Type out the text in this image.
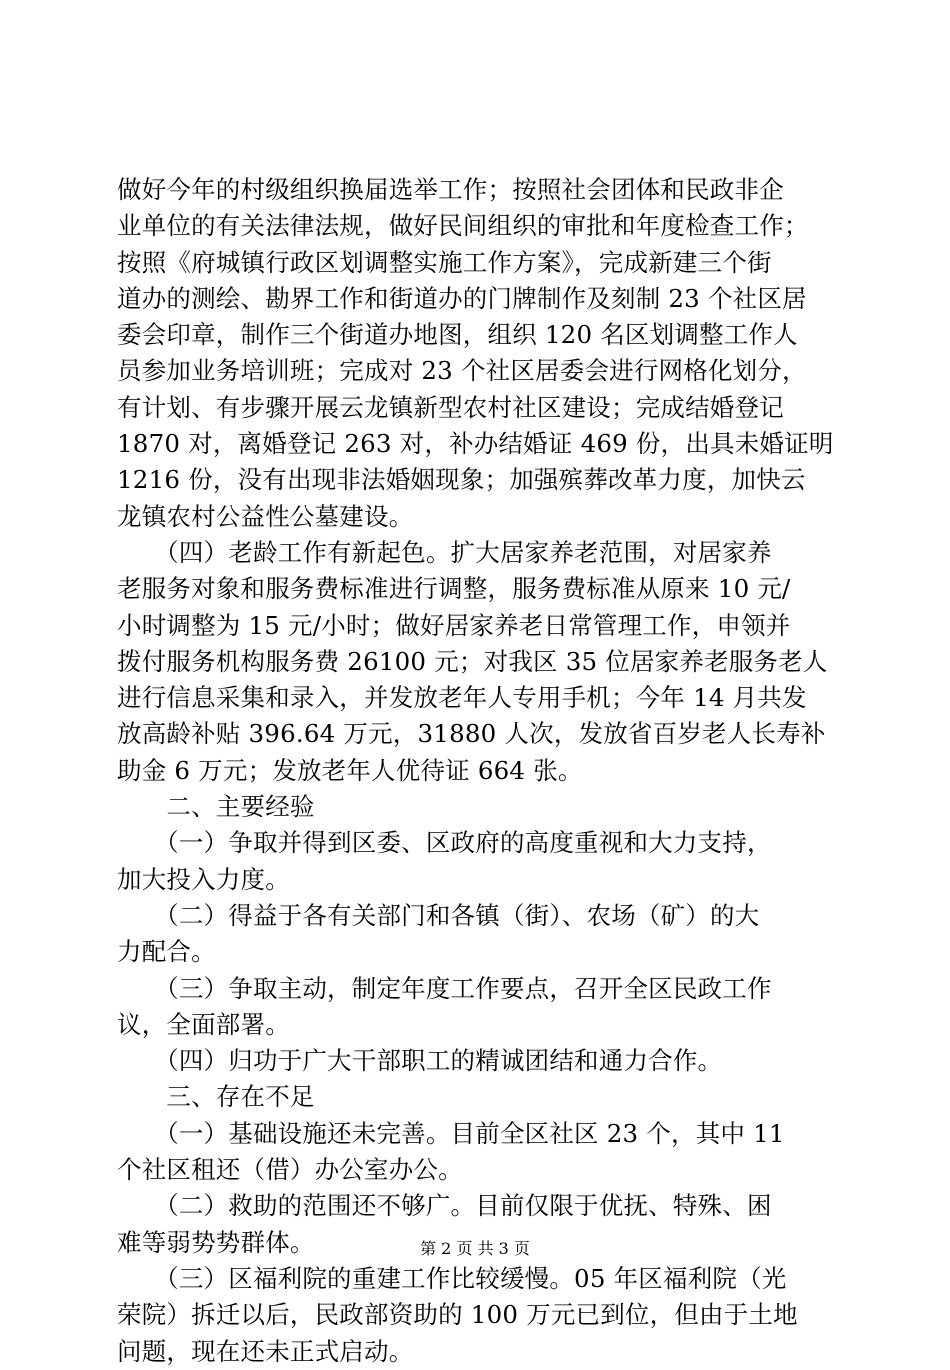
做好今年的村级组织换届选举工作；按照社会团体和民政非企
业单位的有关法律法规，做好民间组织的审批和年度检查工作；
按照《府城镇行政区划调整实施工作方案》，完成新建三个街
道办的测绘、勘界工作和街道办的门牌制作及刻制 23 个社区居
委会印章，制作三个街道办地图，组织 120 名区划调整工作人
员参加业务培训班；完成对 23 个社区居委会进行网格化划分，
有计划、有步骤开展云龙镇新型农村社区建设；完成结婚登记
1870 对，离婚登记 263 对，补办结婚证 469 份，出具未婚证明
1216 份，没有出现非法婚姻现象；加强殡葬改革力度，加快云
龙镇农村公益性公墓建设。
　　（四）老龄工作有新起色。扩大居家养老范围，对居家养
老服务对象和服务费标准进行调整，服务费标准从原来 10 元/
小时调整为 15 元/小时；做好居家养老日常管理工作，申领并
拨付服务机构服务费 26100 元；对我区 35 位居家养老服务老人
进行信息采集和录入，并发放老年人专用手机；今年 14 月共发
放高龄补贴 396.64 万元，31880 人次，发放省百岁老人长寿补
助金 6 万元；发放老年人优待证 664 张。
　　二、主要经验
　　（一）争取并得到区委、区政府的高度重视和大力支持，
加大投入力度。
　　（二）得益于各有关部门和各镇（街）、农场（矿）的大
力配合。
　　（三）争取主动，制定年度工作要点，召开全区民政工作
议，全面部署。
　　（四）归功于广大干部职工的精诚团结和通力合作。
　　三、存在不足
　　（一）基础设施还未完善。目前全区社区 23 个，其中 11
个社区租还（借）办公室办公。
　　（二）救助的范围还不够广。目前仅限于优抚、特殊、困
难等弱势势群体。
　　（三）区福利院的重建工作比较缓慢。05 年区福利院（光
荣院）拆迁以后，民政部资助的 100 万元已到位，但由于土地
问题，现在还未正式启动。
第 2 页 共 3 页
